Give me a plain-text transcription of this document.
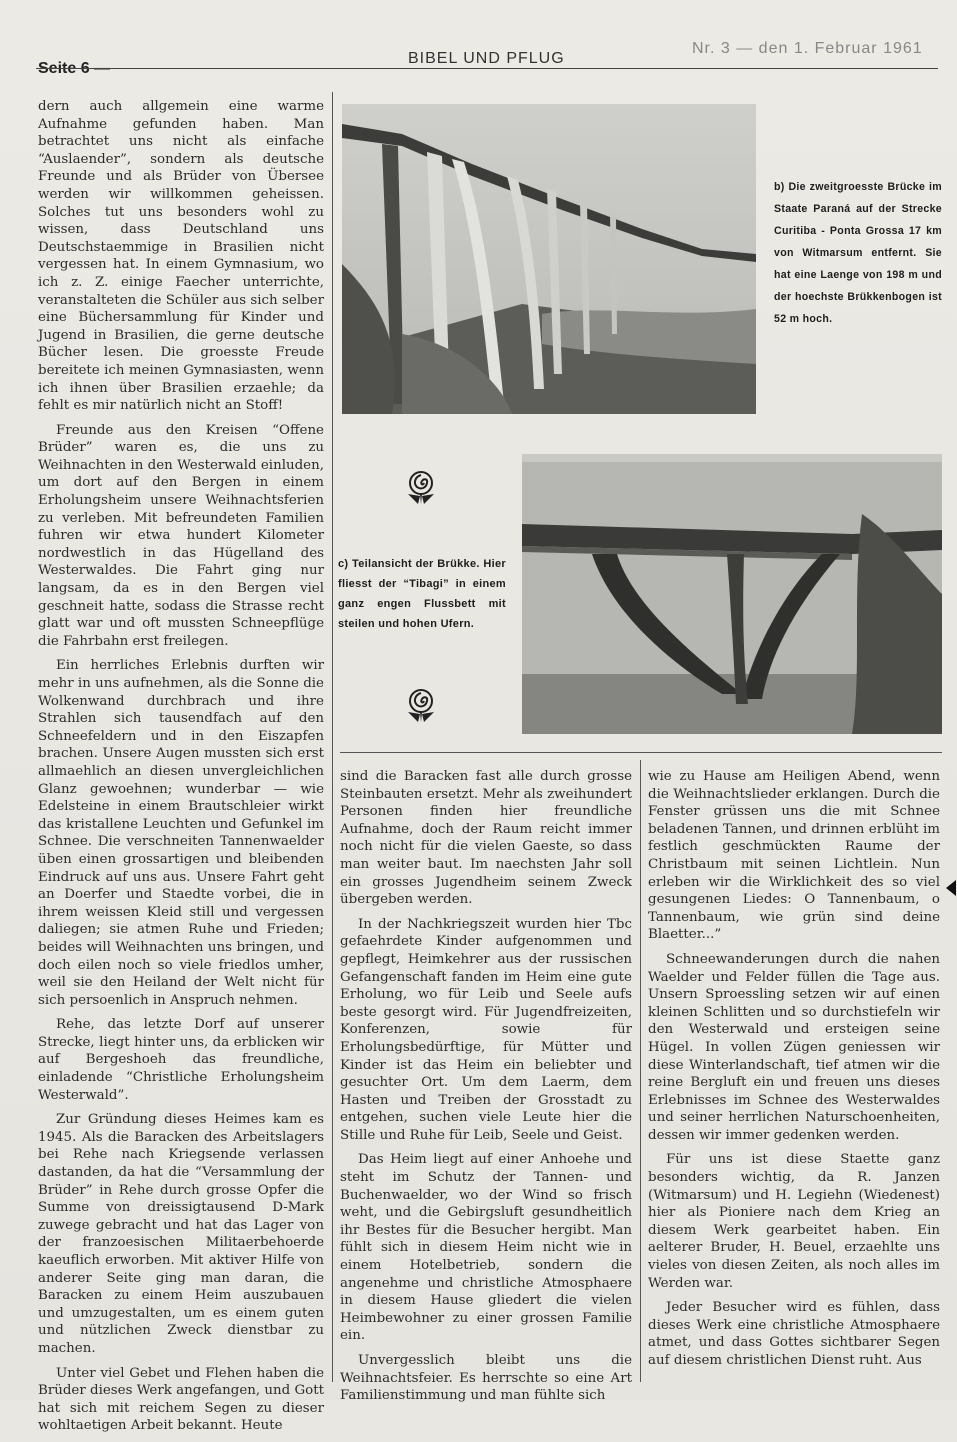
Seite 6 —
BIBEL UND PFLUG
Nr. 3 — den 1. Februar 1961

dern auch allgemein eine warme Aufnahme gefunden haben. Man betrachtet uns nicht als einfache “Auslaender”, sondern als deutsche Freunde und als Brüder von Übersee werden wir willkommen geheissen. Solches tut uns besonders wohl zu wissen, dass Deutschland uns Deutschstaemmige in Brasilien nicht vergessen hat. In einem Gymnasium, wo ich z. Z. einige Faecher unterrichte, veranstalteten die Schüler aus sich selber eine Büchersammlung für Kinder und Jugend in Brasilien, die gerne deutsche Bücher lesen. Die groesste Freude bereitete ich meinen Gymnasiasten, wenn ich ihnen über Brasilien erzaehle; da fehlt es mir natürlich nicht an Stoff!

Freunde aus den Kreisen “Offene Brüder” waren es, die uns zu Weihnachten in den Westerwald einluden, um dort auf den Bergen in einem Erholungsheim unsere Weihnachtsferien zu verleben. Mit befreundeten Familien fuhren wir etwa hundert Kilometer nordwestlich in das Hügelland des Westerwaldes. Die Fahrt ging nur langsam, da es in den Bergen viel geschneit hatte, sodass die Strasse recht glatt war und oft mussten Schneepflüge die Fahrbahn erst freilegen.

Ein herrliches Erlebnis durften wir mehr in uns aufnehmen, als die Sonne die Wolkenwand durchbrach und ihre Strahlen sich tausendfach auf den Schneefeldern und in den Eiszapfen brachen. Unsere Augen mussten sich erst allmaehlich an diesen unvergleichlichen Glanz gewoehnen; wunderbar — wie Edelsteine in einem Brautschleier wirkt das kristallene Leuchten und Gefunkel im Schnee. Die verschneiten Tannenwaelder üben einen grossartigen und bleibenden Eindruck auf uns aus. Unsere Fahrt geht an Doerfer und Staedte vorbei, die in ihrem weissen Kleid still und vergessen daliegen; sie atmen Ruhe und Frieden; beides will Weihnachten uns bringen, und doch eilen noch so viele friedlos umher, weil sie den Heiland der Welt nicht für sich persoenlich in Anspruch nehmen.

Rehe, das letzte Dorf auf unserer Strecke, liegt hinter uns, da erblicken wir auf Bergeshoeh das freundliche, einladende “Christliche Erholungsheim Westerwald”.

Zur Gründung dieses Heimes kam es 1945. Als die Baracken des Arbeitslagers bei Rehe nach Kriegsende verlassen dastanden, da hat die “Versammlung der Brüder” in Rehe durch grosse Opfer die Summe von dreissigtausend D-Mark zuwege gebracht und hat das Lager von der franzoesischen Militaerbehoerde kaeuflich erworben. Mit aktiver Hilfe von anderer Seite ging man daran, die Baracken zu einem Heim auszubauen und umzugestalten, um es einem guten und nützlichen Zweck dienstbar zu machen.

Unter viel Gebet und Flehen haben die Brüder dieses Werk angefangen, und Gott hat sich mit reichem Segen zu dieser wohltaetigen Arbeit bekannt. Heute

b) Die zweitgroesste Brücke im Staate Paraná auf der Strecke Curitiba - Ponta Grossa 17 km von Witmarsum entfernt. Sie hat eine Laenge von 198 m und der hoechste Brükkenbogen ist 52 m hoch.
c) Teilansicht der Brükke. Hier fliesst der “Tibagi” in einem ganz engen Flussbett mit steilen und hohen Ufern.

sind die Baracken fast alle durch grosse Steinbauten ersetzt. Mehr als zweihundert Personen finden hier freundliche Aufnahme, doch der Raum reicht immer noch nicht für die vielen Gaeste, so dass man weiter baut. Im naechsten Jahr soll ein grosses Jugendheim seinem Zweck übergeben werden.

In der Nachkriegszeit wurden hier Tbc gefaehrdete Kinder aufgenommen und gepflegt, Heimkehrer aus der russischen Gefangenschaft fanden im Heim eine gute Erholung, wo für Leib und Seele aufs beste gesorgt wird. Für Jugendfreizeiten, Konferenzen, sowie für Erholungsbedürftige, für Mütter und Kinder ist das Heim ein beliebter und gesuchter Ort. Um dem Laerm, dem Hasten und Treiben der Grosstadt zu entgehen, suchen viele Leute hier die Stille und Ruhe für Leib, Seele und Geist.

Das Heim liegt auf einer Anhoehe und steht im Schutz der Tannen- und Buchenwaelder, wo der Wind so frisch weht, und die Gebirgsluft gesundheitlich ihr Bestes für die Besucher hergibt. Man fühlt sich in diesem Heim nicht wie in einem Hotelbetrieb, sondern die angenehme und christliche Atmosphaere in diesem Hause gliedert die vielen Heimbewohner zu einer grossen Familie ein.

Unvergesslich bleibt uns die Weihnachtsfeier. Es herrschte so eine Art Familienstimmung und man fühlte sich

wie zu Hause am Heiligen Abend, wenn die Weihnachtslieder erklangen. Durch die Fenster grüssen uns die mit Schnee beladenen Tannen, und drinnen erblüht im festlich geschmückten Raume der Christbaum mit seinen Lichtlein. Nun erleben wir die Wirklichkeit des so viel gesungenen Liedes: O Tannenbaum, o Tannenbaum, wie grün sind deine Blaetter...”

Schneewanderungen durch die nahen Waelder und Felder füllen die Tage aus. Unsern Sproessling setzen wir auf einen kleinen Schlitten und so durchstiefeln wir den Westerwald und ersteigen seine Hügel. In vollen Zügen geniessen wir diese Winterlandschaft, tief atmen wir die reine Bergluft ein und freuen uns dieses Erlebnisses im Schnee des Westerwaldes und seiner herrlichen Naturschoenheiten, dessen wir immer gedenken werden.

Für uns ist diese Staette ganz besonders wichtig, da R. Janzen (Witmarsum) und H. Legiehn (Wiedenest) hier als Pioniere nach dem Krieg an diesem Werk gearbeitet haben. Ein aelterer Bruder, H. Beuel, erzaehlte uns vieles von diesen Zeiten, als noch alles im Werden war.

Jeder Besucher wird es fühlen, dass dieses Werk eine christliche Atmosphaere atmet, und dass Gottes sichtbarer Segen auf diesem christlichen Dienst ruht. Aus
